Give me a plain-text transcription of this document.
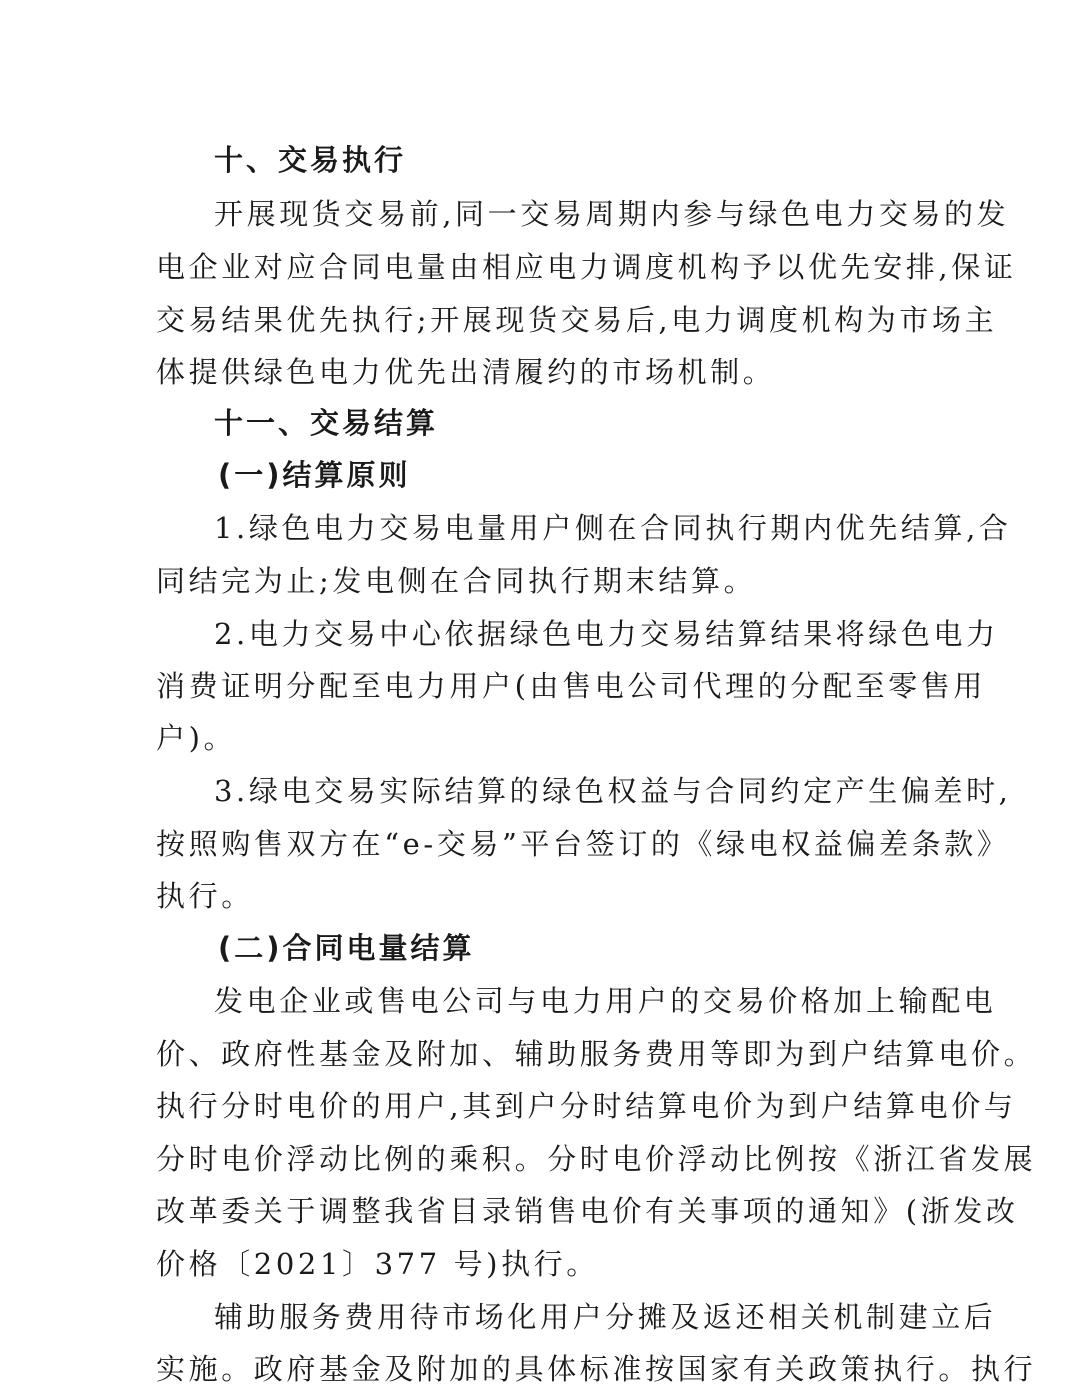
十、交易执行
开展现货交易前,同一交易周期内参与绿色电力交易的发
电企业对应合同电量由相应电力调度机构予以优先安排,保证
交易结果优先执行;开展现货交易后,电力调度机构为市场主
体提供绿色电力优先出清履约的市场机制。
十一、交易结算
(一)结算原则
1.绿色电力交易电量用户侧在合同执行期内优先结算,合
同结完为止;发电侧在合同执行期末结算。
2.电力交易中心依据绿色电力交易结算结果将绿色电力
消费证明分配至电力用户(由售电公司代理的分配至零售用
户)。
3.绿电交易实际结算的绿色权益与合同约定产生偏差时,
按照购售双方在“e-交易”平台签订的《绿电权益偏差条款》
执行。
(二)合同电量结算
发电企业或售电公司与电力用户的交易价格加上输配电
价、政府性基金及附加、辅助服务费用等即为到户结算电价。
执行分时电价的用户,其到户分时结算电价为到户结算电价与
分时电价浮动比例的乘积。分时电价浮动比例按《浙江省发展
改革委关于调整我省目录销售电价有关事项的通知》(浙发改
价格〔2021〕377 号)执行。
辅助服务费用待市场化用户分摊及返还相关机制建立后
实施。政府基金及附加的具体标准按国家有关政策执行。执行
